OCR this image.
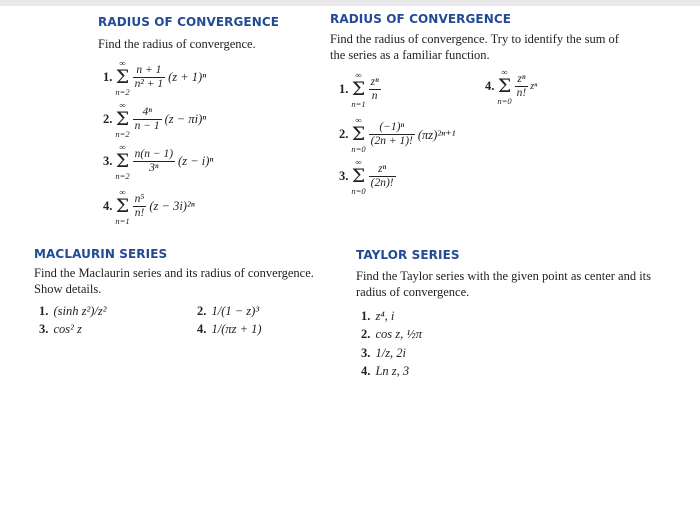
RADIUS OF CONVERGENCE
Find the radius of convergence.
1.
∞
Σ
n=2
$\frac{n + 1}{\text{n² + 1}} (z + 1)^n$
2.
∞
Σ
n=2
$\frac{\text{4ⁿ}}{n - 1} (z - \pi i)^n$
3.
∞
Σ
n=2
$\frac{n(n - 1)}{\text{3ⁿ}} (z - i)^n$
4.
∞
Σ
n=1
$\frac{\text{n⁵}}{n!} (z - 3i)^{2n}$
RADIUS OF CONVERGENCE
Find the radius of convergence. Try to identify the sum of
the series as a familiar function.
1.
∞
Σ
n=1
$\frac{\text{zⁿ}}{n}$	4.
∞
Σ
n=0
$\frac{\text{zⁿ}}{n!}$ zⁿ
2.
∞
Σ
n=0
$\frac{\text{(−1)ⁿ}}{(2n + 1)!} (\pi z)^{2n+1}$
3.
∞
Σ
n=0
$\frac{\text{zⁿ}}{(2n)!}$
MACLAURIN SERIES
Find the Maclaurin series and its radius of convergence.
Show details.
1. (sinh z²)/z²	2. 1/(1 − z)³
3. cos² z	4. 1/(πz + 1)
TAYLOR SERIES
Find the Taylor series with the given point as center and its
radius of convergence.
1. z⁴, i
2. cos z, ½π
3. 1/z, 2i
4. Ln z, 3
